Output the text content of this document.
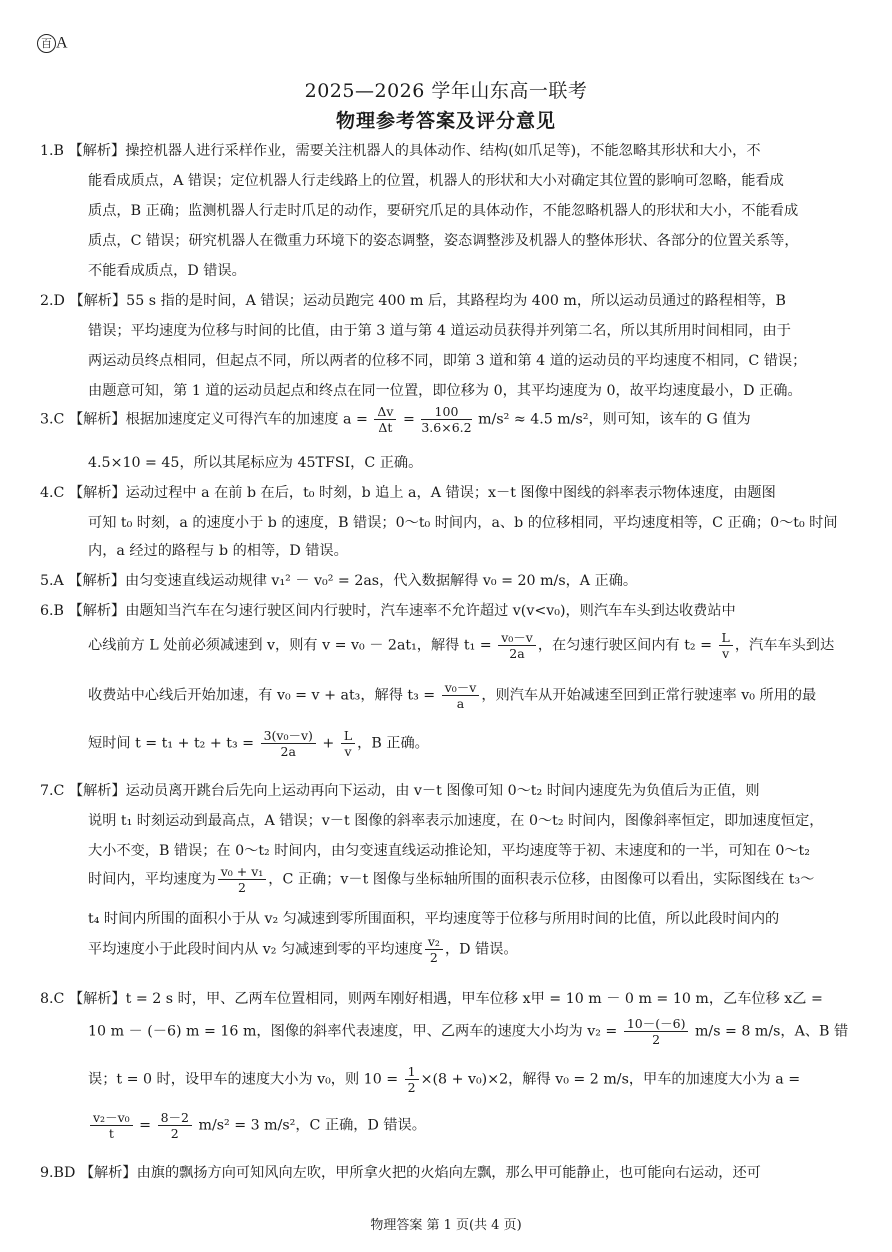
百 A
2025—2026 学年山东高一联考
物理参考答案及评分意见
1.B 【解析】操控机器人进行采样作业，需要关注机器人的具体动作、结构(如爪足等)，不能忽略其形状和大小，不
能看成质点，A 错误；定位机器人行走线路上的位置，机器人的形状和大小对确定其位置的影响可忽略，能看成
质点，B 正确；监测机器人行走时爪足的动作，要研究爪足的具体动作，不能忽略机器人的形状和大小，不能看成
质点，C 错误；研究机器人在微重力环境下的姿态调整，姿态调整涉及机器人的整体形状、各部分的位置关系等，
不能看成质点，D 错误。
2.D 【解析】55 s 指的是时间，A 错误；运动员跑完 400 m 后，其路程均为 400 m，所以运动员通过的路程相等，B
错误；平均速度为位移与时间的比值，由于第 3 道与第 4 道运动员获得并列第二名，所以其所用时间相同，由于
两运动员终点相同，但起点不同，所以两者的位移不同，即第 3 道和第 4 道的运动员的平均速度不相同，C 错误；
由题意可知，第 1 道的运动员起点和终点在同一位置，即位移为 0，其平均速度为 0，故平均速度最小，D 正确。
3.C 【解析】根据加速度定义可得汽车的加速度 $a = \frac{\Delta v}{\Delta t} = \frac{100}{3.6\times 6.2} m/s^2 \approx 4.5$ m/s²，则可知，该车的 G 值为
4.5×10 = 45，所以其尾标应为 45TFSI，C 正确。
4.C 【解析】运动过程中 a 在前 b 在后，t₀ 时刻，b 追上 a，A 错误；x－t 图像中图线的斜率表示物体速度，由题图
可知 t₀ 时刻，a 的速度小于 b 的速度，B 错误；0～t₀ 时间内，a、b 的位移相同，平均速度相等，C 正确；0～t₀ 时间
内，a 经过的路程与 b 的相等，D 错误。
5.A 【解析】由匀变速直线运动规律 v₁² － v₀² = 2as，代入数据解得 v₀ = 20 m/s，A 正确。
6.B 【解析】由题知当汽车在匀速行驶区间内行驶时，汽车速率不允许超过 v(v<v₀)，则汽车车头到达收费站中
心线前方 L 处前必须减速到 v，则有 v = v₀ － 2at₁，解得 $t_1 = \frac{\text{v₀－v}}{2a}$ ，在匀速行驶区间内有 $t_2 = \frac{L}{v}$ ，汽车车头到达
收费站中心线后开始加速，有 v₀ = v + at₃，解得 $t_3 = \frac{\text{v₀－v}}{a}$ ，则汽车从开始减速至回到正常行驶速率 v₀ 所用的最
短时间 $t = t_1 + t_2 + t_3 = \frac{\text{3(v₀－v)}}{2a} + \frac{L}{v}$ ，B 正确。
7.C 【解析】运动员离开跳台后先向上运动再向下运动，由 v－t 图像可知 0～t₂ 时间内速度先为负值后为正值，则
说明 t₁ 时刻运动到最高点，A 错误；v－t 图像的斜率表示加速度，在 0～t₂ 时间内，图像斜率恒定，即加速度恒定，
大小不变，B 错误；在 0～t₂ 时间内，由匀变速直线运动推论知，平均速度等于初、末速度和的一半，可知在 0～t₂
时间内，平均速度为 $\frac{\text{v₀ + v₁}}{2}$ ，C 正确；v－t 图像与坐标轴所围的面积表示位移，由图像可以看出，实际图线在 t₃～
t₄ 时间内所围的面积小于从 v₂ 匀减速到零所围面积，平均速度等于位移与所用时间的比值，所以此段时间内的
平均速度小于此段时间内从 v₂ 匀减速到零的平均速度 $\frac{\text{v₂}}{2}$ ，D 错误。
8.C 【解析】t = 2 s 时，甲、乙两车位置相同，则两车刚好相遇，甲车位移 x甲 = 10 m － 0 m = 10 m，乙车位移 x乙 =
10 m － (－6) m = 16 m，图像的斜率代表速度，甲、乙两车的速度大小均为 $v_2 = \frac{10-(-6)}{2} m/s = 8$ m/s，A、B 错
误；t = 0 时，设甲车的速度大小为 v₀，则 $10 = \frac{1}{2} \times(8 + v_0)\times 2$，解得 v₀ = 2 m/s，甲车的加速度大小为 a =
$\frac{\text{v₂－v₀}}{t} = \frac{8-2}{2} m/s^2 = 3$ m/s²，C 正确，D 错误。
9.BD 【解析】由旗的飘扬方向可知风向左吹，甲所拿火把的火焰向左飘，那么甲可能静止，也可能向右运动，还可
物理答案 第 1 页(共 4 页)
